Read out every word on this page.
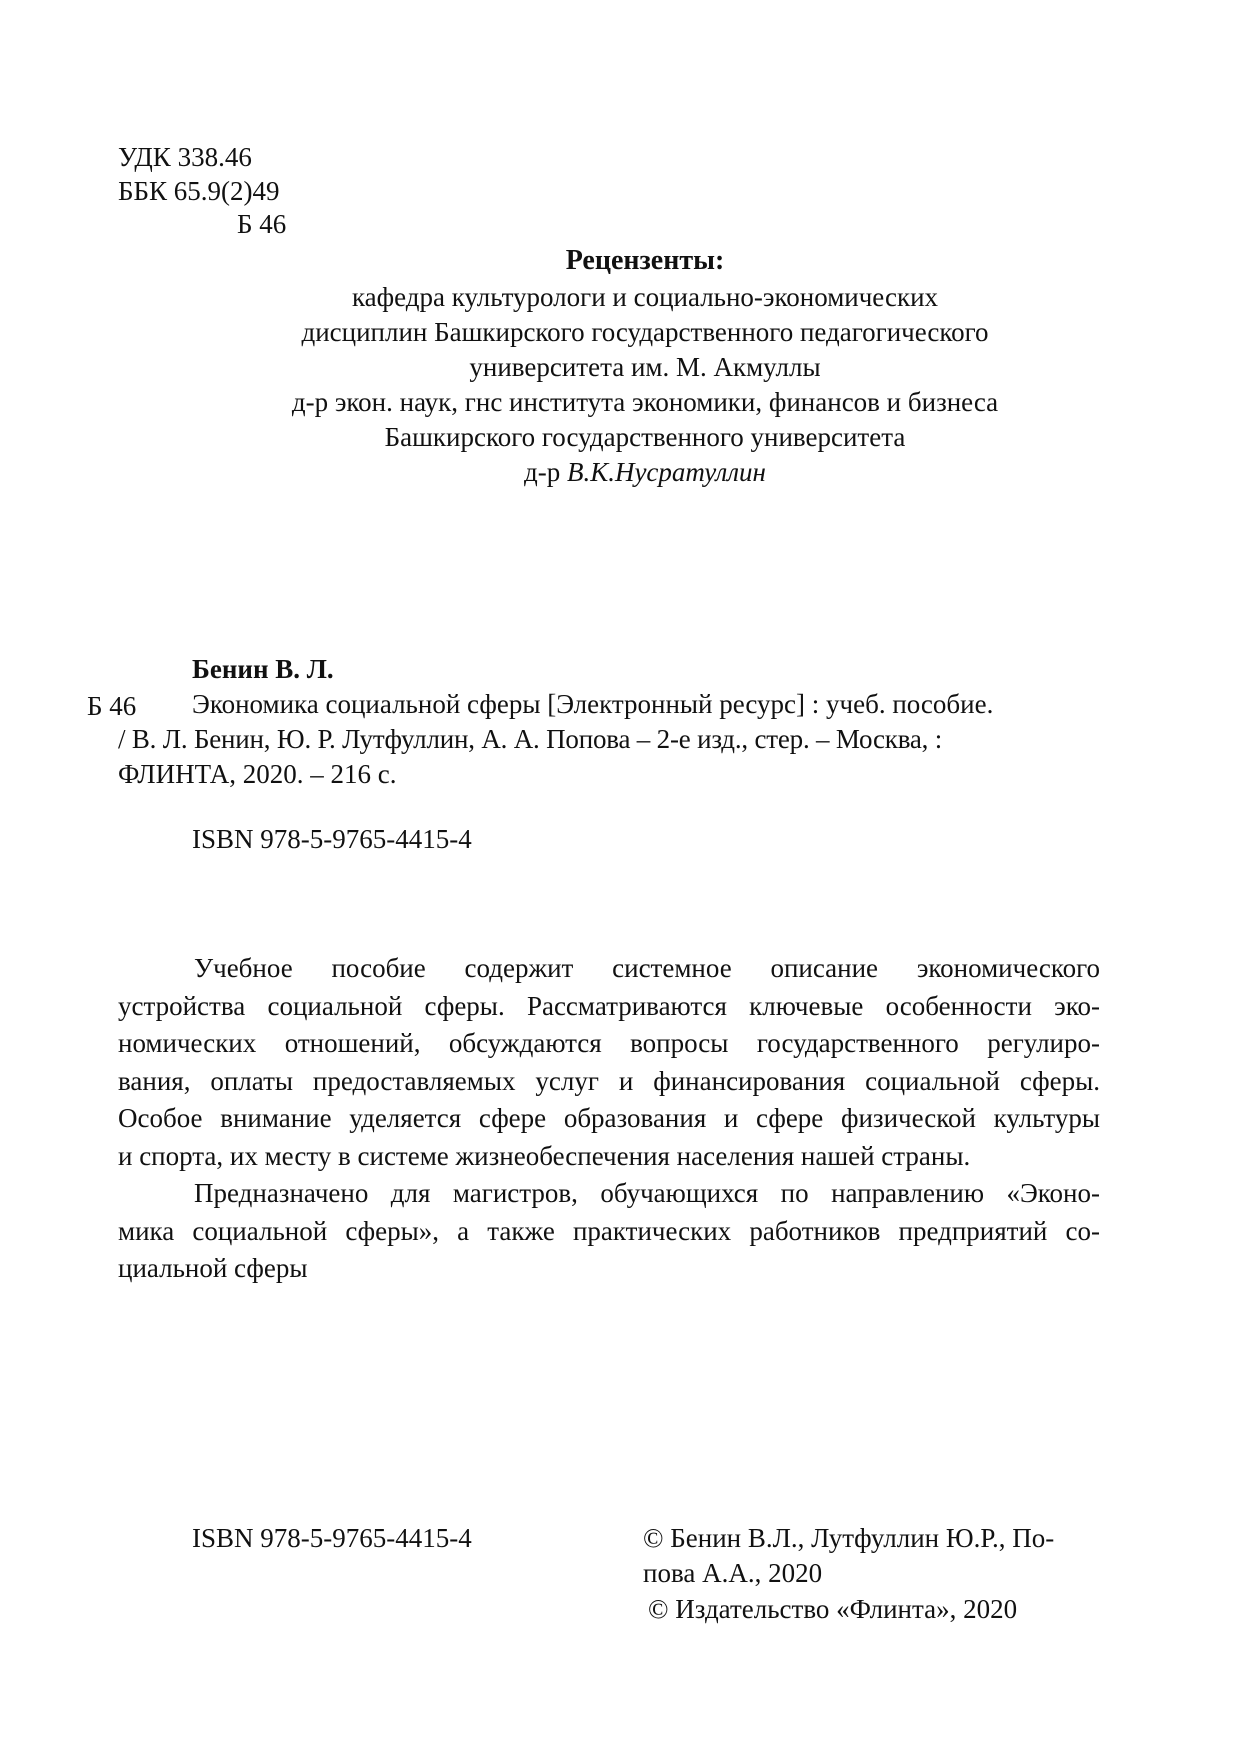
УДК 338.46
ББК 65.9(2)49
Б 46
Рецензенты:
кафедра культурологи и социально-экономических
дисциплин Башкирского государственного педагогического
университета им. М. Акмуллы
д-р экон. наук, гнс института экономики, финансов и бизнеса
Башкирского государственного университета
д-р В.К.Нусратуллин
Бенин В. Л.
Б 46 Экономика социальной сферы [Электронный ресурс] : учеб. пособие.
/ В. Л. Бенин, Ю. Р. Лутфуллин, А. А. Попова – 2-е изд., стер. – Москва, :
ФЛИНТА, 2020. – 216 с.
ISBN 978-5-9765-4415-4
Учебное пособие содержит системное описание экономического
устройства социальной сферы. Рассматриваются ключевые особенности эко-
номических отношений, обсуждаются вопросы государственного регулиро-
вания, оплаты предоставляемых услуг и финансирования социальной сферы.
Особое внимание уделяется сфере образования и сфере физической культуры
и спорта, их месту в системе жизнеобеспечения населения нашей страны.
Предназначено для магистров, обучающихся по направлению «Эконо-
мика социальной сферы», а также практических работников предприятий со-
циальной сферы
ISBN 978-5-9765-4415-4	© Бенин В.Л., Лутфуллин Ю.Р., По-
пова А.А., 2020
© Издательство «Флинта», 2020
